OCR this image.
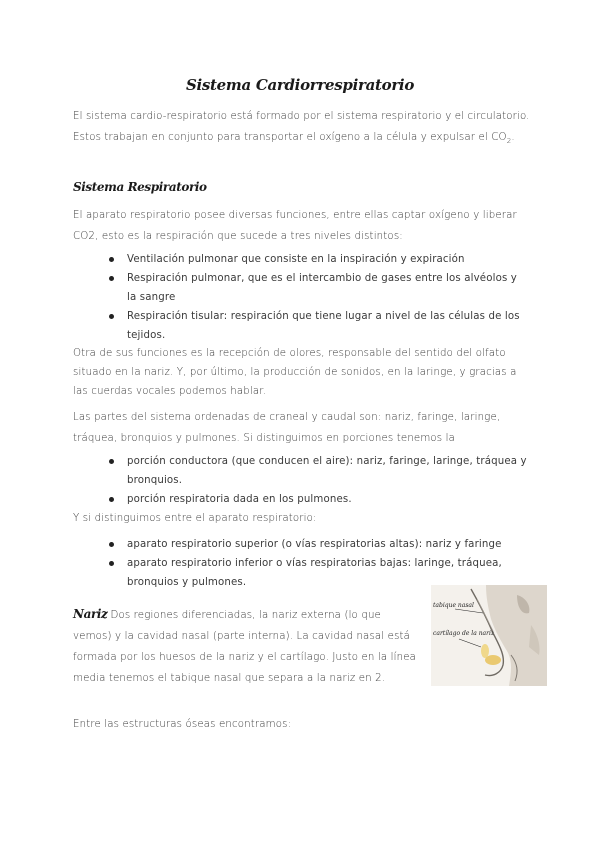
Sistema Cardiorrespiratorio
El sistema cardio-respiratorio está formado por el sistema respiratorio y el circulatorio. Estos trabajan en conjunto para transportar el oxígeno a la célula y expulsar el $CO_2$.
Sistema Respiratorio
El aparato respiratorio posee diversas funciones, entre ellas captar oxígeno y liberar CO2, esto es la respiración que sucede a tres niveles distintos:
Ventilación pulmonar que consiste en la inspiración y expiración
Respiración pulmonar, que es el intercambio de gases entre los alvéolos y la sangre
Respiración tisular: respiración que tiene lugar a nivel de las células de los tejidos.
Otra de sus funciones es la recepción de olores, responsable del sentido del olfato situado en la nariz. Y, por último, la producción de sonidos, en la laringe, y gracias a las cuerdas vocales podemos hablar.
Las partes del sistema ordenadas de craneal y caudal son: nariz, faringe, laringe, tráquea, bronquios y pulmones. Si distinguimos en porciones tenemos la
porción conductora (que conducen el aire): nariz, faringe, laringe, tráquea y bronquios.
porción respiratoria dada en los pulmones.
Y si distinguimos entre el aparato respiratorio:
aparato respiratorio superior (o vías respiratorias altas): nariz y faringe
aparato respiratorio inferior o vías respiratorias bajas: laringe, tráquea, bronquios y pulmones.
Nariz Dos regiones diferenciadas, la nariz externa (lo que vemos) y la cavidad nasal (parte interna). La cavidad nasal está formada por los huesos de la nariz y el cartílago. Justo en la línea media tenemos el tabique nasal que separa a la nariz en 2.
tabique nasal
cartílago de la nariz
Entre las estructuras óseas encontramos:
